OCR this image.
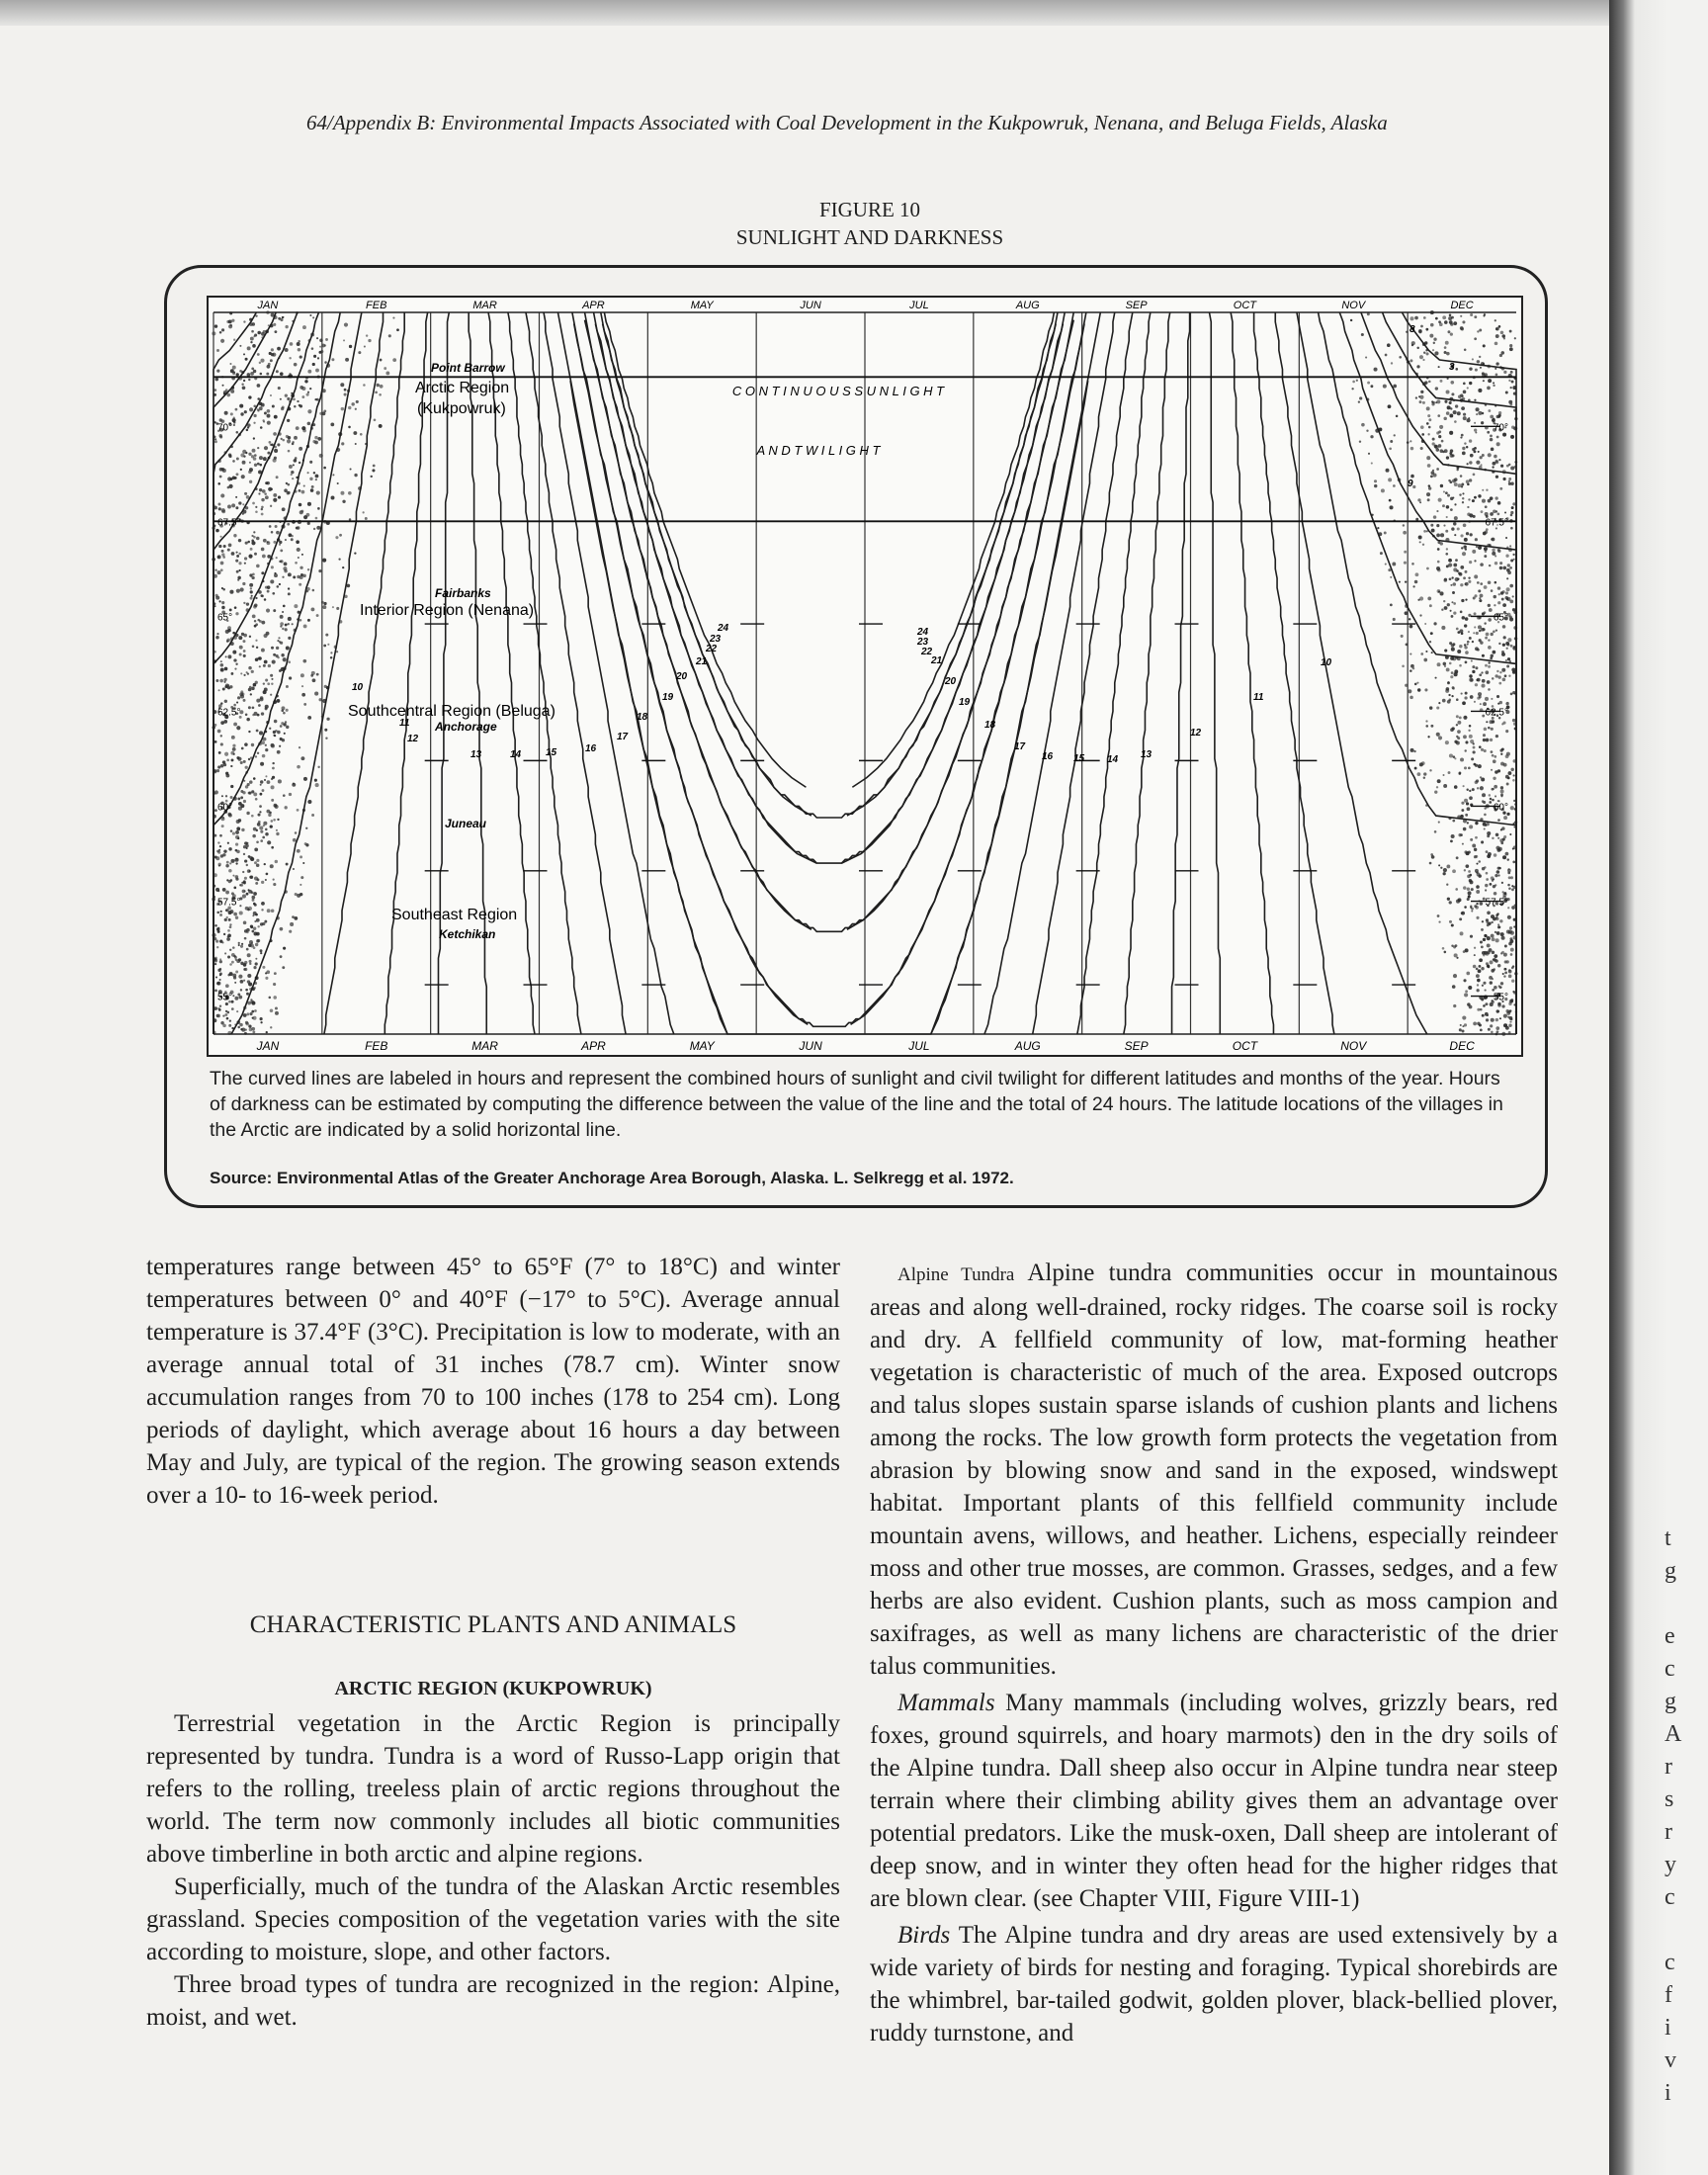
t
g

e
c
g
A
r
s
r
y
c

c
f
i
v
i
64/Appendix B: Environmental Impacts Associated with Coal Development in the Kukpowruk, Nenana, and Beluga Fields, Alaska
FIGURE 10
SUNLIGHT AND DARKNESS
JAN
JAN
FEB
FEB
MAR
MAR
APR
APR
MAY
MAY
JUN
JUN
JUL
JUL
AUG
AUG
SEP
SEP
OCT
OCT
NOV
NOV
DEC
DEC
70°	70°
67.5°	67.5°
65°	65°
62.5°	62.5°
60°	60°
57.5°	57.5°
55°	55°
C O N T I N U O U S S U N L I G H T
A N D T W I L I G H T
Point Barrow
Arctic Region
(Kukpowruk)
Fairbanks
Interior Region (Nenana)
Southcentral Region (Beluga)
Anchorage
Juneau
Southeast Region
Ketchikan
3
8
9
10
11
12
13
14
15
16
17
18
19
20
21
22
23
24
10
11
12
13	14 15	16
17
18
19
20
21
22
23
24
The curved lines are labeled in hours and represent the combined hours of sunlight and civil twilight for different latitudes and months of the year. Hours of darkness can be estimated by computing the difference between the value of the line and the total of 24 hours. The latitude locations of the villages in the Arctic are indicated by a solid horizontal line.
Source: Environmental Atlas of the Greater Anchorage Area Borough, Alaska. L. Selkregg et al. 1972.

temperatures range between 45° to 65°F (7° to 18°C) and winter temperatures between 0° and 40°F (−17° to 5°C). Average annual temperature is 37.4°F (3°C). Precipitation is low to moderate, with an average annual total of 31 inches (78.7 cm). Winter snow accumulation ranges from 70 to 100 inches (178 to 254 cm). Long periods of daylight, which average about 16 hours a day between May and July, are typical of the region. The growing season extends over a 10- to 16-week period.

CHARACTERISTIC PLANTS AND ANIMALS
ARCTIC REGION (KUKPOWRUK)

Terrestrial vegetation in the Arctic Region is principally represented by tundra. Tundra is a word of Russo-Lapp origin that refers to the rolling, treeless plain of arctic regions throughout the world. The term now commonly includes all biotic communities above timberline in both arctic and alpine regions.

Superficially, much of the tundra of the Alaskan Arctic resembles grassland. Species composition of the vegetation varies with the site according to moisture, slope, and other factors.

Three broad types of tundra are recognized in the region: Alpine, moist, and wet.

Alpine Tundra Alpine tundra communities occur in mountainous areas and along well-drained, rocky ridges. The coarse soil is rocky and dry. A fellfield community of low, mat-forming heather vegetation is characteristic of much of the area. Exposed outcrops and talus slopes sustain sparse islands of cushion plants and lichens among the rocks. The low growth form protects the vegetation from abrasion by blowing snow and sand in the exposed, windswept habitat. Important plants of this fellfield community include mountain avens, willows, and heather. Lichens, especially reindeer moss and other true mosses, are common. Grasses, sedges, and a few herbs are also evident. Cushion plants, such as moss campion and saxifrages, as well as many lichens are characteristic of the drier talus communities.

Mammals Many mammals (including wolves, grizzly bears, red foxes, ground squirrels, and hoary marmots) den in the dry soils of the Alpine tundra. Dall sheep also occur in Alpine tundra near steep terrain where their climbing ability gives them an advantage over potential predators. Like the musk-oxen, Dall sheep are intolerant of deep snow, and in winter they often head for the higher ridges that are blown clear. (see Chapter VIII, Figure VIII-1)

Birds The Alpine tundra and dry areas are used extensively by a wide variety of birds for nesting and foraging. Typical shorebirds are the whimbrel, bar-tailed godwit, golden plover, black-bellied plover, ruddy turnstone, and
